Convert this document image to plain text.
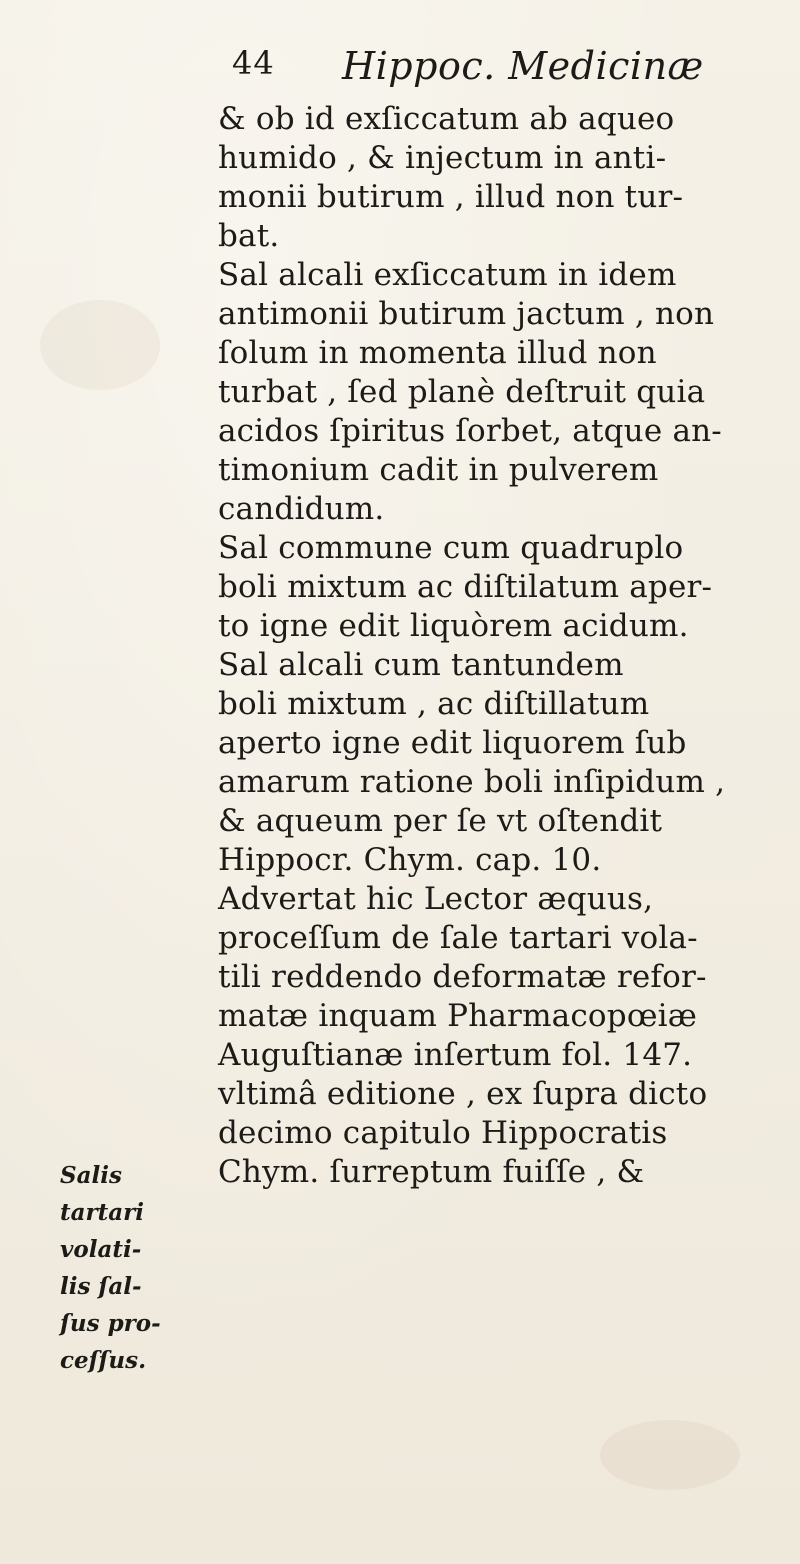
44 Hippoc. Medicinæ
& ob id exſiccatum ab aqueo
humido , & injectum in anti-
monii butirum , illud non tur-
bat.
Sal alcali exſiccatum in idem
antimonii butirum jactum , non
ſolum in momenta illud non
turbat , ſed planè deſtruit quia
acidos ſpiritus ſorbet, atque an-
timonium cadit in pulverem
candidum.
Sal commune cum quadruplo
boli mixtum ac diſtilatum aper-
to igne edit liquòrem acidum.
Sal alcali cum tantundem
boli mixtum , ac diſtillatum
aperto igne edit liquorem ſub
amarum ratione boli inſipidum ,
& aqueum per ſe vt oſtendit
Hippocr. Chym. cap. 10.
Advertat hic Lector æquus,
proceſſum de ſale tartari vola-
tili reddendo deformatæ refor-
matæ inquam Pharmacopœiæ
Auguſtianæ inſertum fol. 147.
vltimâ editione , ex ſupra dicto
decimo capitulo Hippocratis
Chym. ſurreptum fuiſſe , &
Salis
tartari
volati-
lis ſal-
ſus pro-
ceſſus.
